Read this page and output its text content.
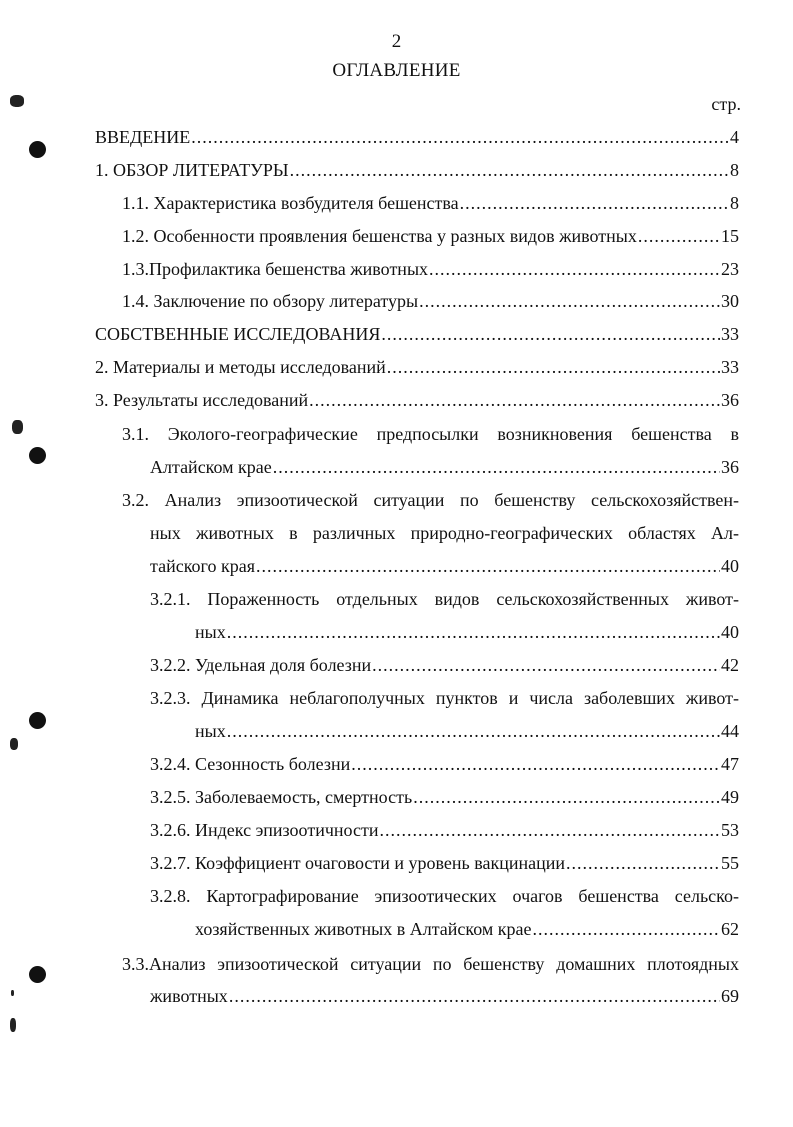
2
ОГЛАВЛЕНИЕ
стр.
ВВЕДЕНИЕ .....	4
1. ОБЗОР ЛИТЕРАТУРЫ .....	8
1.1. Характеристика возбудителя бешенства .....	8
1.2. Особенности проявления бешенства у разных видов животных .....	15
1.3.Профилактика бешенства животных .....	23
1.4. Заключение по обзору литературы .....	30
СОБСТВЕННЫЕ ИССЛЕДОВАНИЯ .....	33
2. Материалы и методы исследований .....	33
3. Результаты исследований .....	36
3.1. Эколого-географические предпосылки возникновения бешенства в
Алтайском крае .....	36
3.2. Анализ эпизоотической ситуации по бешенству сельскохозяйствен-
ных животных в различных природно-географических областях Ал-
тайского края .....	40
3.2.1. Пораженность отдельных видов сельскохозяйственных живот-
ных .....	40
3.2.2. Удельная доля болезни .....	42
3.2.3. Динамика неблагополучных пунктов и числа заболевших живот-
ных .....	44
3.2.4. Сезонность болезни .....	47
3.2.5. Заболеваемость, смертность .....	49
3.2.6. Индекс эпизоотичности .....	53
3.2.7. Коэффициент очаговости и уровень вакцинации .....	55
3.2.8. Картографирование эпизоотических очагов бешенства сельско-
хозяйственных животных в Алтайском крае .....	62
3.3.Анализ эпизоотической ситуации по бешенству домашних плотоядных
животных .....	69
